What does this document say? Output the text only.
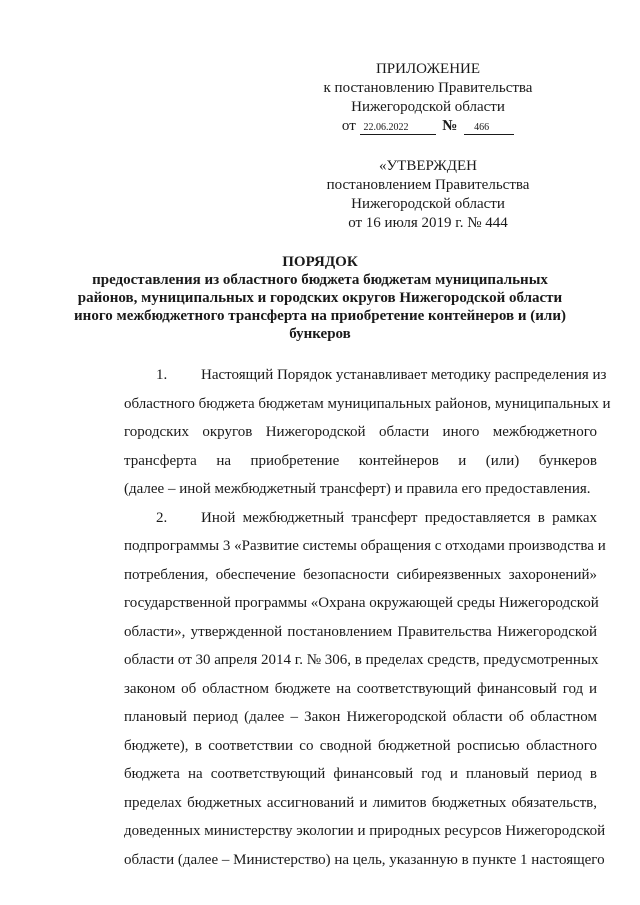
ПРИЛОЖЕНИЕ
к постановлению Правительства
Нижегородской области
от 22.06.2022 № 466
«УТВЕРЖДЕН
постановлением Правительства
Нижегородской области
от 16 июля 2019 г. № 444
ПОРЯДОК
предоставления из областного бюджета бюджетам муниципальных
районов, муниципальных и городских округов Нижегородской области
иного межбюджетного трансферта на приобретение контейнеров и (или)
бункеров
1. Настоящий Порядок устанавливает методику распределения из
областного бюджета бюджетам муниципальных районов, муниципальных и
городских округов Нижегородской области иного межбюджетного
трансферта на приобретение контейнеров и (или) бункеров
(далее – иной межбюджетный трансферт) и правила его предоставления.
2. Иной межбюджетный трансферт предоставляется в рамках
подпрограммы 3 «Развитие системы обращения с отходами производства и
потребления, обеспечение безопасности сибиреязвенных захоронений»
государственной программы «Охрана окружающей среды Нижегородской
области», утвержденной постановлением Правительства Нижегородской
области от 30 апреля 2014 г. № 306, в пределах средств, предусмотренных
законом об областном бюджете на соответствующий финансовый год и
плановый период (далее – Закон Нижегородской области об областном
бюджете), в соответствии со сводной бюджетной росписью областного
бюджета на соответствующий финансовый год и плановый период в
пределах бюджетных ассигнований и лимитов бюджетных обязательств,
доведенных министерству экологии и природных ресурсов Нижегородской
области (далее – Министерство) на цель, указанную в пункте 1 настоящего
